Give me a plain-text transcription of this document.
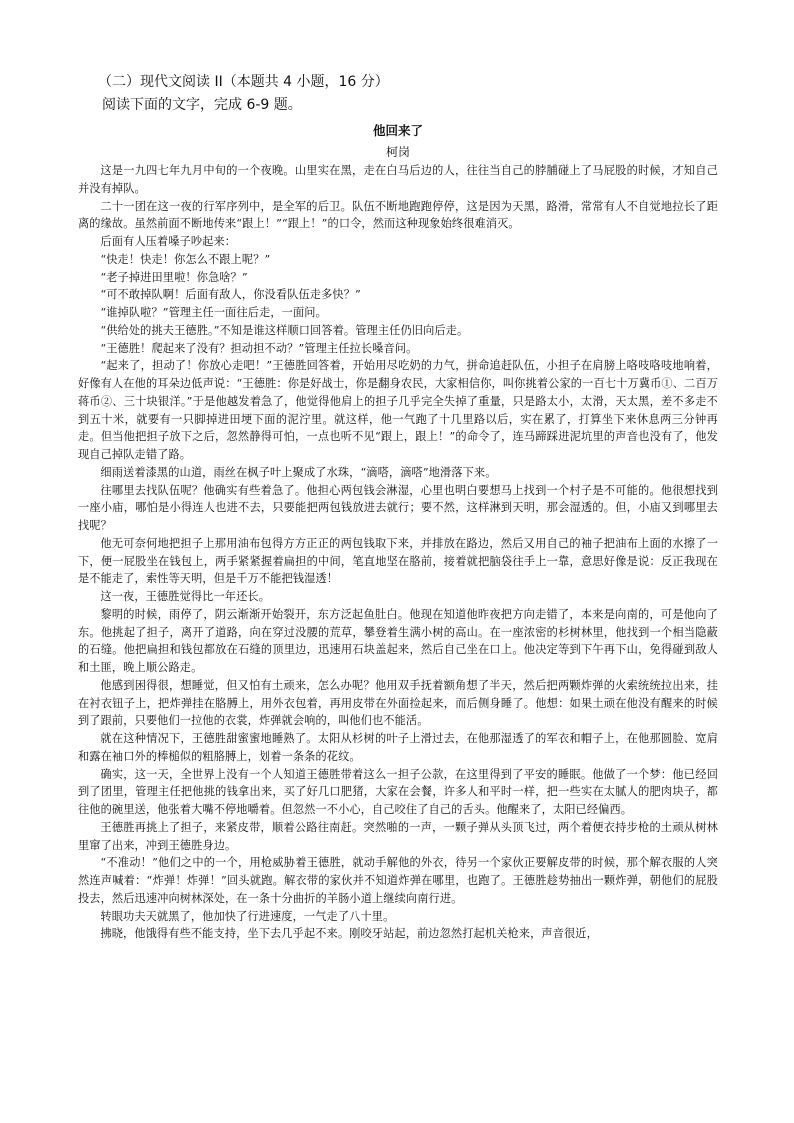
（二）现代文阅读 II（本题共 4 小题，16 分）

阅读下面的文字，完成 6-9 题。

他回来了

柯岗

这是一九四七年九月中旬的一个夜晚。山里实在黑，走在白马后边的人，往往当自己的脖脯碰上了马屁股的时候，才知自己并没有掉队。

二十一团在这一夜的行军序列中，是全军的后卫。队伍不断地跑跑停停，这是因为天黑，路滑，常常有人不自觉地拉长了距离的缘故。虽然前面不断地传来“跟上！”“跟上！”的口令，然而这种现象始终很难消灭。

后面有人压着嗓子吵起来：

“快走！快走！你怎么不跟上呢？”

“老子掉进田里啦！你急啥？”

“可不敢掉队啊！后面有敌人，你没看队伍走多快？”

“谁掉队啦？”管理主任一面往后走，一面问。

“供给处的挑夫王德胜。”不知是谁这样顺口回答着。管理主任仍旧向后走。

“王德胜！爬起来了没有？担动担不动？”管理主任拉长嗓音问。

“起来了，担动了！你放心走吧！”王德胜回答着，开始用尽吃奶的力气，拼命追赶队伍，小担子在肩膀上咯吱咯吱地响着，好像有人在他的耳朵边低声说：“王德胜：你是好战士，你是翻身农民，大家相信你，叫你挑着公家的一百七十万冀币①、二百万蒋币②、三十块银洋。”于是他越发着急了，他觉得他肩上的担子几乎完全失掉了重量，只是路太小，太滑，天太黑，差不多走不到五十米，就要有一只脚掉进田埂下面的泥泞里。就这样，他一气跑了十几里路以后，实在累了，打算坐下来休息两三分钟再走。但当他把担子放下之后，忽然静得可怕，一点也听不见“跟上，跟上！”的命令了，连马蹄踩进泥坑里的声音也没有了，他发现自己掉队走错了路。

细雨送着漆黑的山道，雨丝在枫子叶上聚成了水珠，“滴嗒，滴嗒”地滑落下来。

往哪里去找队伍呢？他确实有些着急了。他担心两包钱会淋湿，心里也明白要想马上找到一个村子是不可能的。他很想找到一座小庙，哪怕是小得连人也进不去，只要能把两包钱放进去就行；要不然，这样淋到天明，那会湿透的。但，小庙又到哪里去找呢？

他无可奈何地把担子上那用油布包得方方正正的两包钱取下来，并排放在路边，然后又用自己的袖子把油布上面的水擦了一下，便一屁股坐在钱包上，两手紧紧握着扁担的中间，笔直地坚在胳前，接着就把脑袋往手上一靠，意思好像是说：反正我现在是不能走了，索性等天明，但是千万不能把钱湿透！

这一夜，王德胜觉得比一年还长。

黎明的时候，雨停了，阴云渐渐开始裂开，东方泛起鱼肚白。他现在知道他昨夜把方向走错了，本来是向南的，可是他向了东。他挑起了担子，离开了道路，向在穿过没腰的荒草，攀登着生满小树的高山。在一座浓密的杉树林里，他找到一个相当隐蔽的石缝。他把扁担和钱包都放在石缝的顶里边，迅速用石块盖起来，然后自己坐在口上。他决定等到下午再下山，免得碰到敌人和土匪，晚上顺公路走。

他感到困得很，想睡觉，但又怕有土顽来，怎么办呢？他用双手抚着额角想了半天，然后把两颗炸弹的火索统统拉出来，挂在衬衣钮子上，把炸弹挂在胳膊上，用外衣包着，再用皮带在外面捡起来，而后侧身睡了。他想：如果土顽在他没有醒来的时候到了跟前，只要他们一拉他的衣裳，炸弹就会响的，叫他们也不能活。

就在这种情况下，王德胜甜蜜蜜地睡熟了。太阳从杉树的叶子上滑过去，在他那湿透了的军衣和帽子上，在他那圆脸、宽肩和露在袖口外的棒槌似的粗胳膊上，划着一条条的花纹。

确实，这一天，全世界上没有一个人知道王德胜带着这么一担子公款，在这里得到了平安的睡眠。他做了一个梦：他已经回到了团里，管理主任把他挑的钱拿出来，买了好几口肥猪，大家在会餐，许多人和平时一样，把一些实在太腻人的肥肉块子，都往他的碗里送，他张着大嘴不停地嚼着。但忽然一不小心，自己咬住了自己的舌头。他醒来了，太阳已经偏西。

王德胜再挑上了担子，来紧皮带，顺着公路往南赶。突然啪的一声，一颗子弹从头顶飞过，两个着便衣持步枪的土顽从树林里窜了出来，冲到王德胜身边。

“不准动！”他们之中的一个，用枪威胁着王德胜，就动手解他的外衣，待另一个家伙正要解皮带的时候，那个解衣服的人突然连声喊着：“炸弹！炸弹！”回头就跑。解衣带的家伙并不知道炸弹在哪里，也跑了。王德胜趁势抽出一颗炸弹，朝他们的屁股投去，然后迅速冲向树林深处，在一条十分曲折的羊肠小道上继续向南行进。

转眼功夫天就黑了，他加快了行进速度，一气走了八十里。

拂晓，他饿得有些不能支持，坐下去几乎起不来。刚咬牙站起，前边忽然打起机关枪来，声音很近，
